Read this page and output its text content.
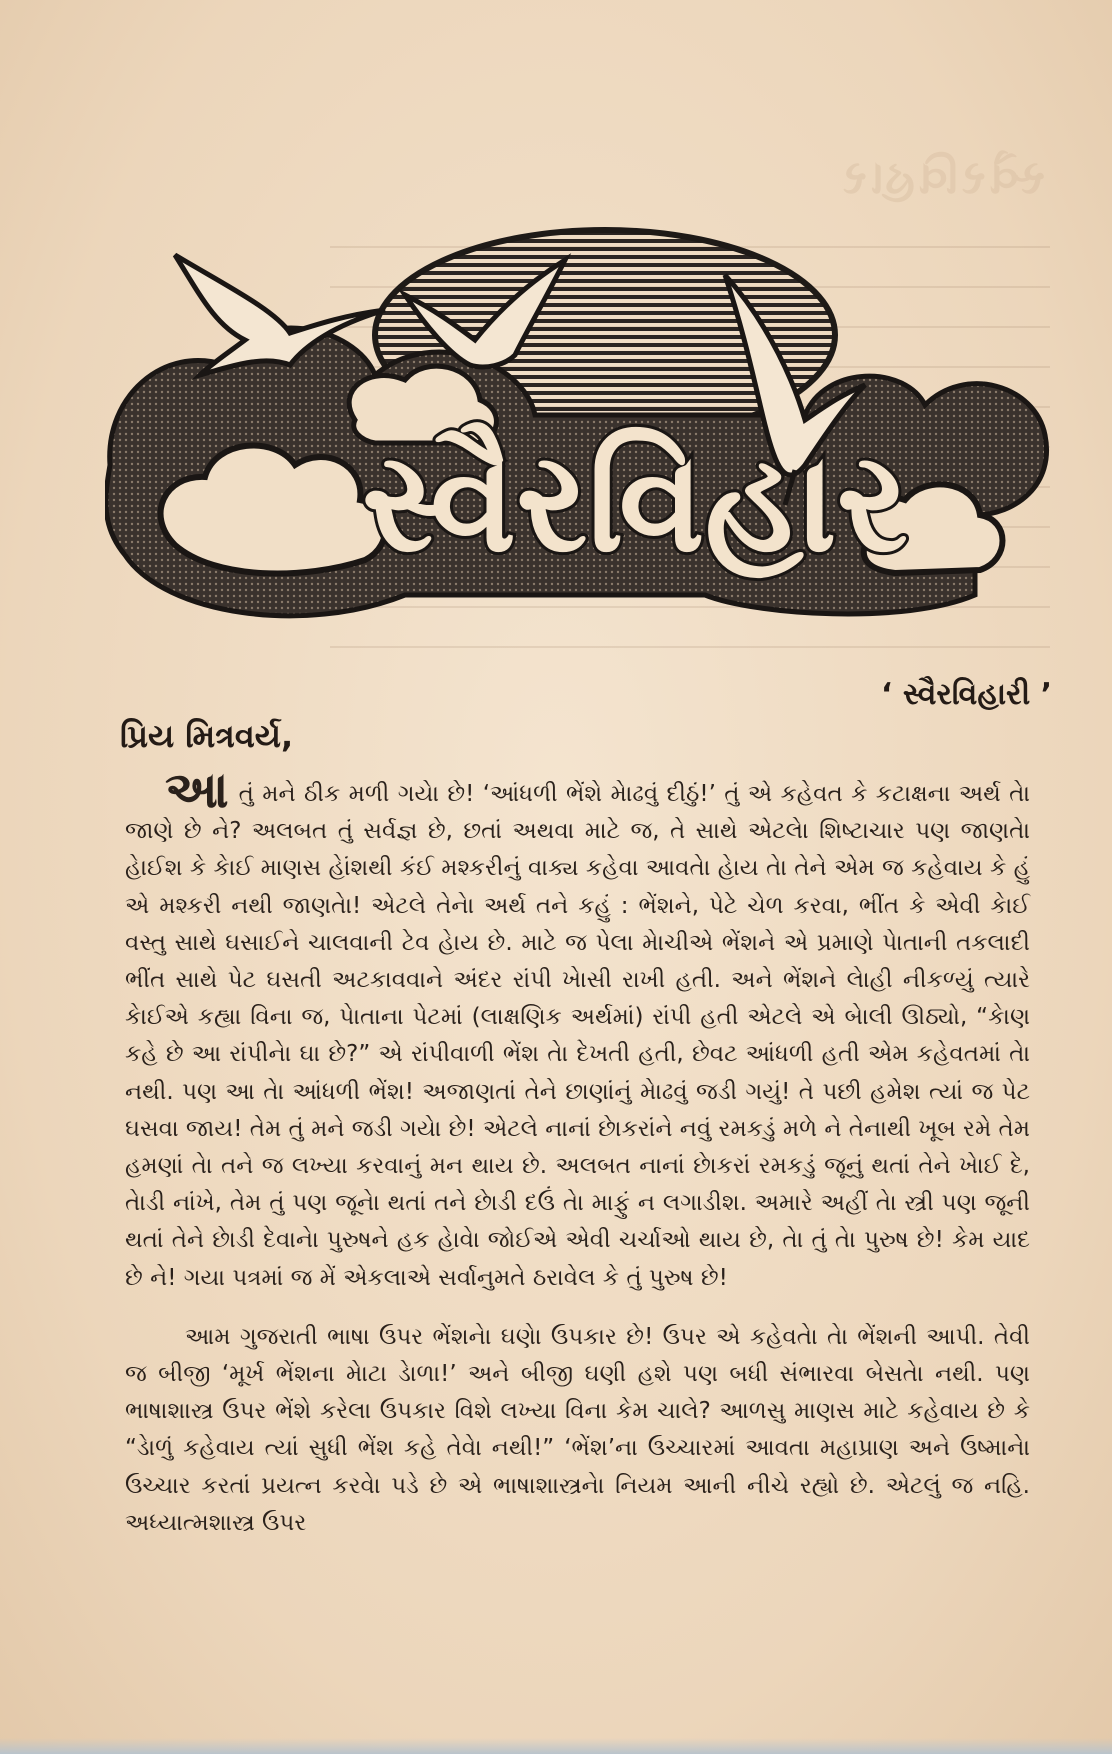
સ્વૈરવિહાર
સ્વૈરવિહાર
‘ સ્વૈરવિહારી ’
પ્રિય મિત્રવર્ય,

આતું મને ઠીક મળી ગયેા છે! ‘આંધળી ભેંશે મેાઢવું દીઠું!’ તું એ કહેવત કે કટાક્ષના અર્થ તેા જાણે છે ને? અલબત તું સર્વજ્ઞ છે, છતાં અથવા માટે જ, તે સાથે એટલેા શિષ્ટાચાર પણ જાણતેા હેાઈશ કે કેાઈ માણસ હેાંશથી કંઈ મશ્કરીનું વાક્ય કહેવા આવતેા હેાય તેા તેને એમ જ કહેવાય કે હું એ મશ્કરી નથી જાણતેા! એટલે તેનેા અર્થ તને કહું : ભેંશને, પેટે ચેળ કરવા, ભીંત કે એવી કેાઈ વસ્તુ સાથે ઘસાઈને ચાલવાની ટેવ હેાય છે. માટે જ પેલા મેાચીએ ભેંશને એ પ્રમાણે પેાતાની તકલાદી ભીંત સાથે પેટ ઘસતી અટકાવવાને અંદર રાંપી ખેાસી રાખી હતી. અને ભેંશને લેાહી નીકળ્યું ત્યારે કેાઈએ કહ્યા વિના જ, પેાતાના પેટમાં (લાક્ષણિક અર્થમાં) રાંપી હતી એટલે એ બેાલી ઊઠ્યો, “કેાણ કહે છે આ રાંપીનેા ઘા છે?” એ રાંપીવાળી ભેંશ તેા દેખતી હતી, છેવટ આંધળી હતી એમ કહેવતમાં તેા નથી. પણ આ તેા આંધળી ભેંશ! અજાણતાં તેને છાણાંનું મેાઢવું જડી ગયું! તે પછી હમેશ ત્યાં જ પેટ ઘસવા જાય! તેમ તું મને જડી ગયેા છે! એટલે નાનાં છેાકરાંને નવું રમકડું મળે ને તેનાથી ખૂબ રમે તેમ હમણાં તેા તને જ લખ્યા કરવાનું મન થાય છે. અલબત નાનાં છેાકરાં રમકડું જૂનું થતાં તેને ખેાઈ દે, તેાડી નાંખે, તેમ તું પણ જૂનેા થતાં તને છેાડી દઉં તેા માફું ન લગાડીશ. અમારે અહીં તેા સ્ત્રી પણ જૂની થતાં તેને છેાડી દેવાનેા પુરુષને હક હેાવેા જોઈએ એવી ચર્ચાઓ થાય છે, તેા તું તેા પુરુષ છે! કેમ યાદ છે ને! ગયા પત્રમાં જ મેં એકલાએ સર્વાનુમતે ઠરાવેલ કે તું પુરુષ છે!

આમ ગુજરાતી ભાષા ઉપર ભેંશનેા ઘણેા ઉપકાર છે! ઉપર એ કહેવતેા તેા ભેંશની આપી. તેવી જ બીજી ‘મૂર્ખ ભેંશના મેાટા ડેાળા!’ અને બીજી ઘણી હશે પણ બધી સંભારવા બેસતેા નથી. પણ ભાષાશાસ્ત્ર ઉપર ભેંશે કરેલા ઉપકાર વિશે લખ્યા વિના કેમ ચાલે? આળસુ માણસ માટે કહેવાય છે કે “ડેાળું કહેવાય ત્યાં સુધી ભેંશ કહે તેવેા નથી!” ‘ભેંશ’ના ઉચ્ચારમાં આવતા મહાપ્રાણ અને ઉષ્માનેા ઉચ્ચાર કરતાં પ્રયત્ન કરવેા પડે છે એ ભાષાશાસ્ત્રનેા નિયમ આની નીચે રહ્યો છે. એટલું જ નહિ. અધ્યાત્મશાસ્ત્ર ઉપર
